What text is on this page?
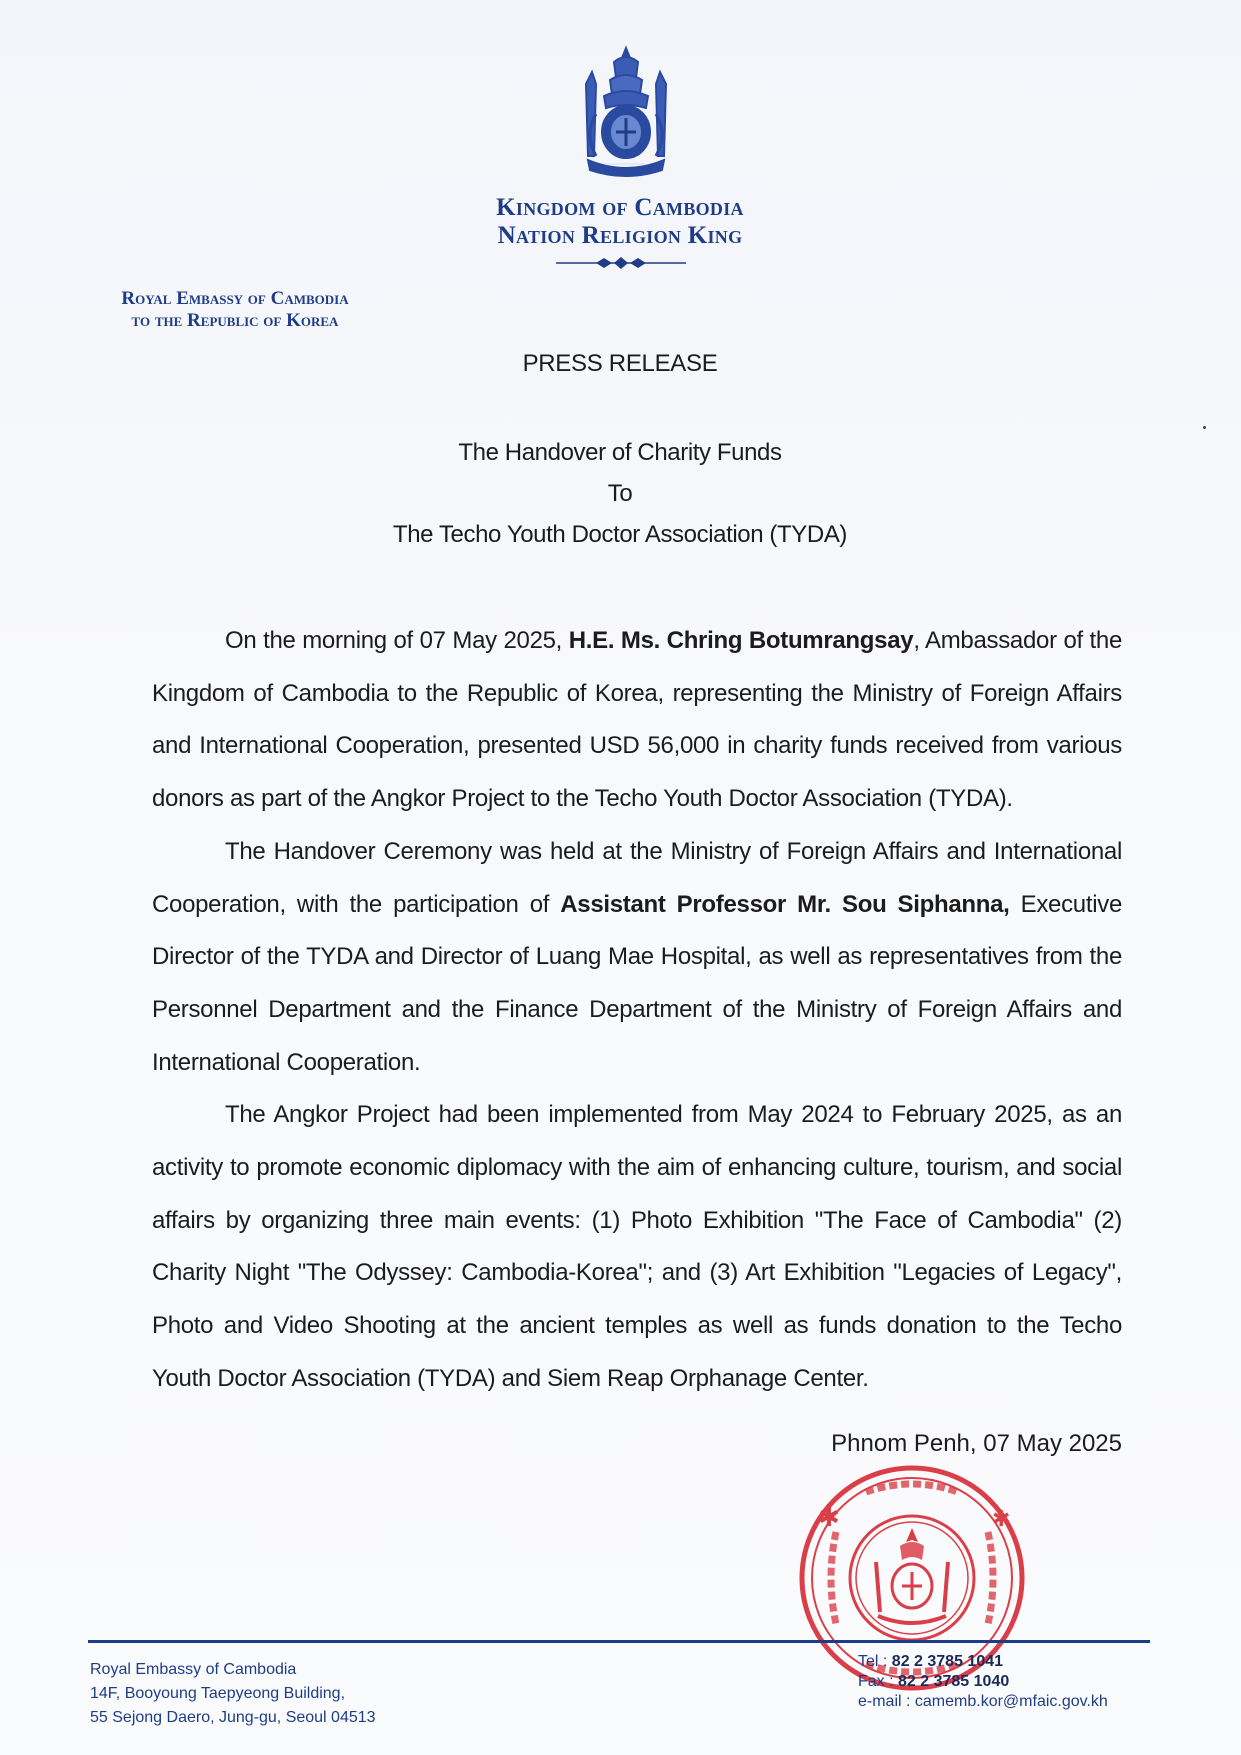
Kingdom of Cambodia
Nation Religion King
Royal Embassy of Cambodia
to the Republic of Korea
PRESS RELEASE
The Handover of Charity Funds
To
The Techo Youth Doctor Association (TYDA)

On the morning of 07 May 2025, H.E. Ms. Chring Botumrangsay, Ambassador of the Kingdom of Cambodia to the Republic of Korea, representing the Ministry of Foreign Affairs and International Cooperation, presented USD 56,000 in charity funds received from various donors as part of the Angkor Project to the Techo Youth Doctor Association (TYDA).

The Handover Ceremony was held at the Ministry of Foreign Affairs and International Cooperation, with the participation of Assistant Professor Mr. Sou Siphanna, Executive Director of the TYDA and Director of Luang Mae Hospital, as well as representatives from the Personnel Department and the Finance Department of the Ministry of Foreign Affairs and International Cooperation.

The Angkor Project had been implemented from May 2024 to February 2025, as an activity to promote economic diplomacy with the aim of enhancing culture, tourism, and social affairs by organizing three main events: (1) Photo Exhibition "The Face of Cambodia" (2) Charity Night "The Odyssey: Cambodia-Korea"; and (3) Art Exhibition "Legacies of Legacy", Photo and Video Shooting at the ancient temples as well as funds donation to the Techo Youth Doctor Association (TYDA) and Siem Reap Orphanage Center.

Phnom Penh, 07 May 2025
✱	✱
Royal Embassy of Cambodia
14F, Booyoung Taepyeong Building,
55 Sejong Daero, Jung-gu, Seoul 04513
Tel : 82 2 3785 1041
Fax : 82 2 3785 1040
e-mail : camemb.kor@mfaic.gov.kh
